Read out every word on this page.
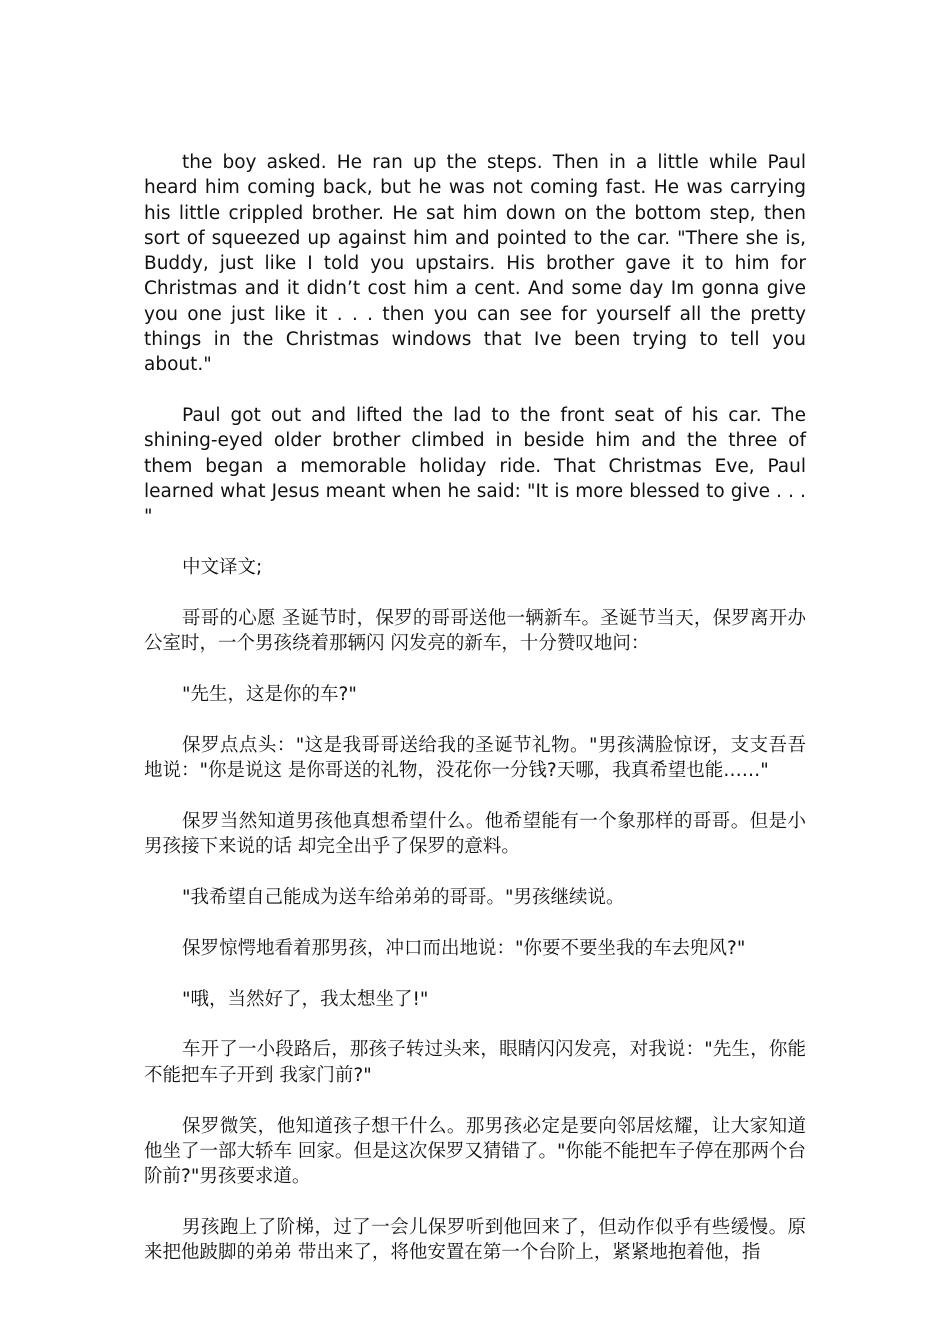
the boy asked. He ran up the steps. Then in a little while Paul heard him coming back, but he was not coming fast. He was carrying his little crippled brother. He sat him down on the bottom step, then sort of squeezed up against him and pointed to the car. "There she is, Buddy, just like I told you upstairs. His brother gave it to him for Christmas and it didn’t cost him a cent. And some day Im gonna give you one just like it . . . then you can see for yourself all the pretty things in the Christmas windows that Ive been trying to tell you about."

Paul got out and lifted the lad to the front seat of his car. The shining-eyed older brother climbed in beside him and the three of them began a memorable holiday ride. That Christmas Eve, Paul learned what Jesus meant when he said: "It is more blessed to give . . . "

中文译文;

哥哥的心愿 圣诞节时，保罗的哥哥送他一辆新车。圣诞节当天，保罗离开办公室时，一个男孩绕着那辆闪 闪发亮的新车，十分赞叹地问：

"先生，这是你的车?"

保罗点点头："这是我哥哥送给我的圣诞节礼物。"男孩满脸惊讶，支支吾吾地说："你是说这 是你哥送的礼物，没花你一分钱?天哪，我真希望也能……"

保罗当然知道男孩他真想希望什么。他希望能有一个象那样的哥哥。但是小男孩接下来说的话 却完全出乎了保罗的意料。

"我希望自己能成为送车给弟弟的哥哥。"男孩继续说。

保罗惊愕地看着那男孩，冲口而出地说："你要不要坐我的车去兜风?"

"哦，当然好了，我太想坐了!"

车开了一小段路后，那孩子转过头来，眼睛闪闪发亮，对我说："先生，你能不能把车子开到 我家门前?"

保罗微笑，他知道孩子想干什么。那男孩必定是要向邻居炫耀，让大家知道他坐了一部大轿车 回家。但是这次保罗又猜错了。"你能不能把车子停在那两个台阶前?"男孩要求道。

男孩跑上了阶梯，过了一会儿保罗听到他回来了，但动作似乎有些缓慢。原来把他跛脚的弟弟 带出来了，将他安置在第一个台阶上，紧紧地抱着他，指
